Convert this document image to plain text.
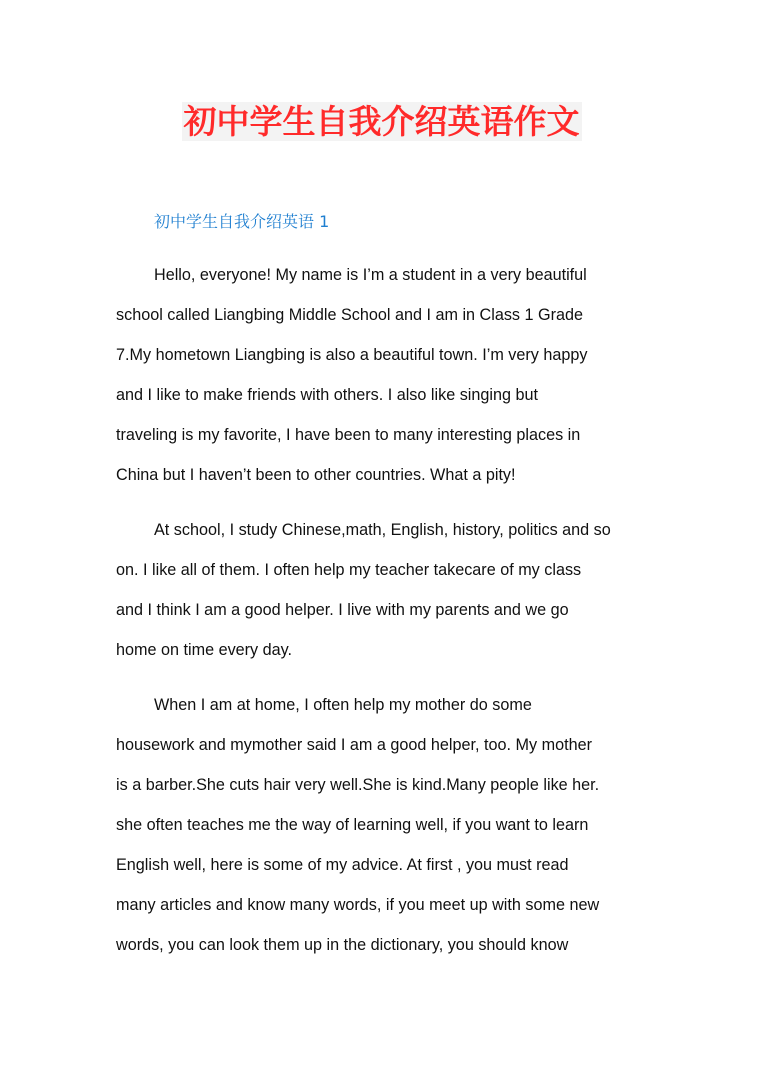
初中学生自我介绍英语作文
初中学生自我介绍英语 1
Hello, everyone! My name is I’m a student in a very beautiful
school called Liangbing Middle School and I am in Class 1 Grade
7.My hometown Liangbing is also a beautiful town. I’m very happy
and I like to make friends with others. I also like singing but
traveling is my favorite, I have been to many interesting places in
China but I haven’t been to other countries. What a pity!
At school, I study Chinese,math, English, history, politics and so
on. I like all of them. I often help my teacher takecare of my class
and I think I am a good helper. I live with my parents and we go
home on time every day.
When I am at home, I often help my mother do some
housework and mymother said I am a good helper, too. My mother
is a barber.She cuts hair very well.She is kind.Many people like her.
she often teaches me the way of learning well, if you want to learn
English well, here is some of my advice. At first , you must read
many articles and know many words, if you meet up with some new
words, you can look them up in the dictionary, you should know
